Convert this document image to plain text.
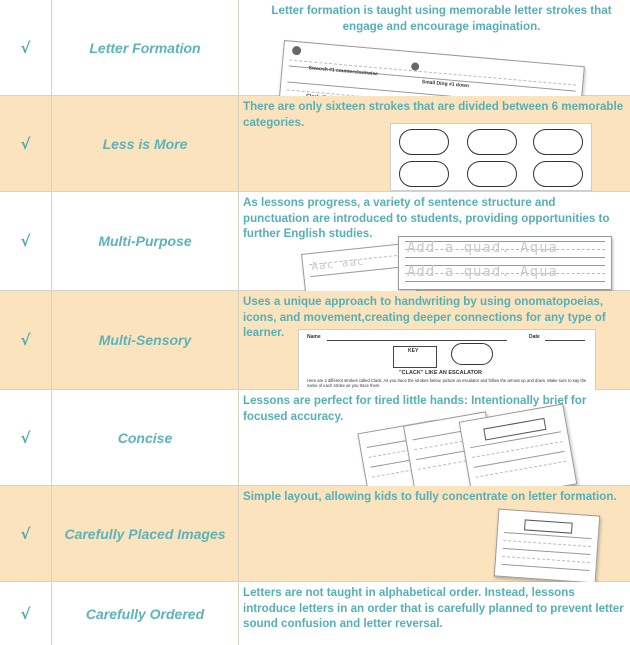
√	Letter Formation
Letter formation is taught using memorable letter strokes that engage and encourage imagination.
Swoosh #1 counterclockwise
Small Ding #1 down
√	Less is More
There are only sixteen strokes that are divided between 6 memorable categories.
√	Multi-Purpose
As lessons progress, a variety of sentence structure and punctuation are introduced to students, providing opportunities to further English studies.
Aac aac
Add a quad. Aqua
Add a quad. Aqua
√	Multi-Sensory
Uses a unique approach to handwriting by using onomatopoeias, icons, and movement,creating deeper connections for any type of learner.	Name	Date
KEY
"CLACK" LIKE AN ESCALATOR
Here are 2 different strokes called Clack. As you trace the strokes below, picture an escalator and follow the arrows up and down. Make sure to say the name of each stroke as you trace them.
√	Concise
Lessons are perfect for tired little hands: Intentionally brief for focused accuracy.
√	Carefully Placed Images
Simple layout, allowing kids to fully concentrate on letter formation.
√	Carefully Ordered
Letters are not taught in alphabetical order. Instead, lessons introduce letters in an order that is carefully planned to prevent letter sound confusion and letter reversal.
